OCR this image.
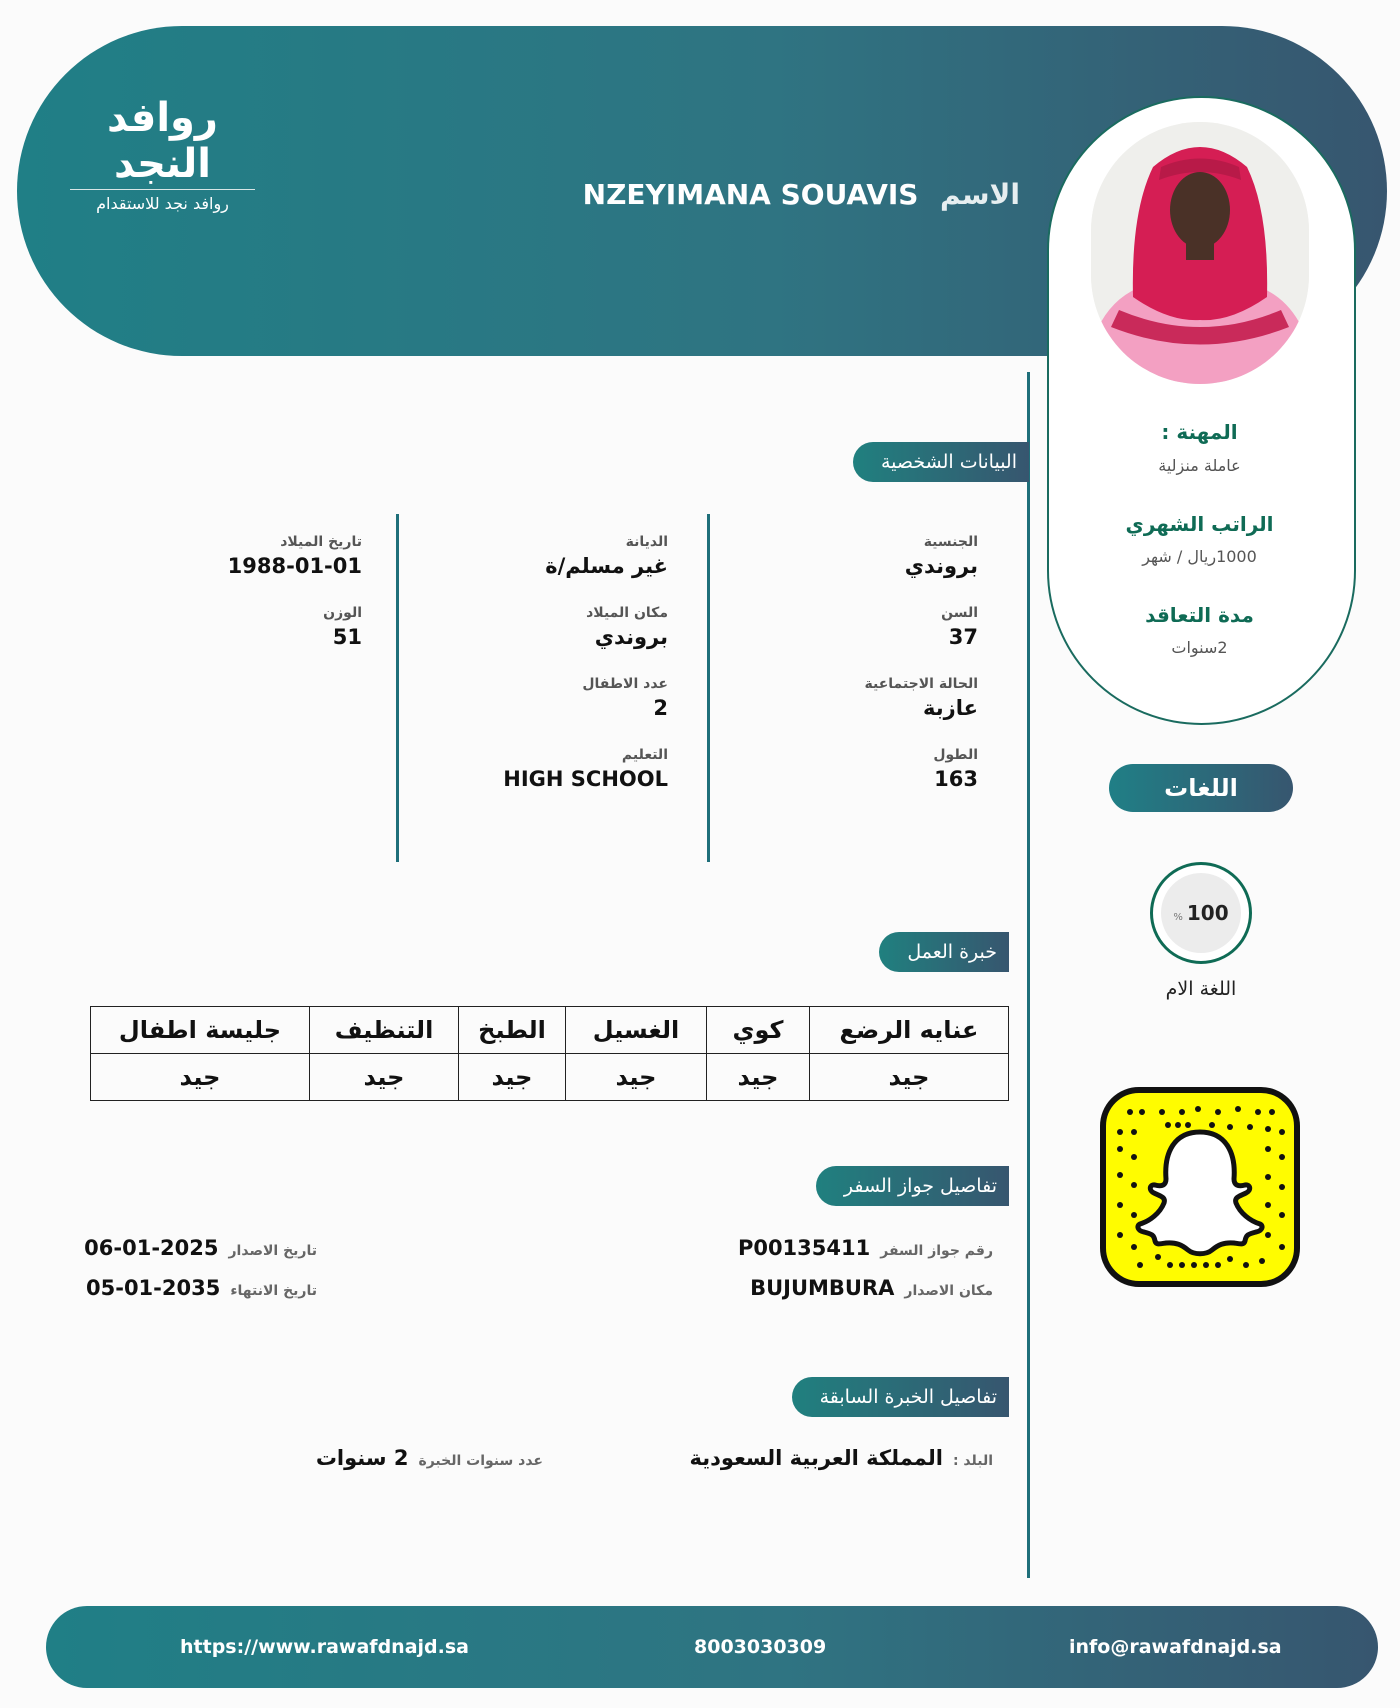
روافد النجد
روافد نجد للاستقدام	الاسم NZEYIMANA SOUAVIS
المهنة :
عاملة منزلية
الراتب الشهري
1000ريال / شهر
مدة التعاقد
2سنوات
اللغات
% 100
اللغة الام
البيانات الشخصية
الجنسية
بروندي
السن
37
الحالة الاجتماعية
عازبة
الطول
163
الديانة
غير مسلم/ة
مكان الميلاد
بروندي
عدد الاطفال
2
التعليم
HIGH SCHOOL
تاريخ الميلاد
1988-01-01
الوزن
51
خبرة العمل
عنايه الرضع	كوي	الغسيل	الطبخ	التنظيف	جليسة اطفال
جيد	جيد	جيد	جيد	جيد	جيد
تفاصيل جواز السفر
رقم جواز السفرP00135411
مكان الاصدارBUJUMBURA
تاريخ الاصدار2025-01-06
تاريخ الانتهاء2035-01-05
تفاصيل الخبرة السابقة
البلد :المملكة العربية السعودية
عدد سنوات الخبرة2 سنوات
https://www.rawafdnajd.sa	8003030309	info@rawafdnajd.sa
